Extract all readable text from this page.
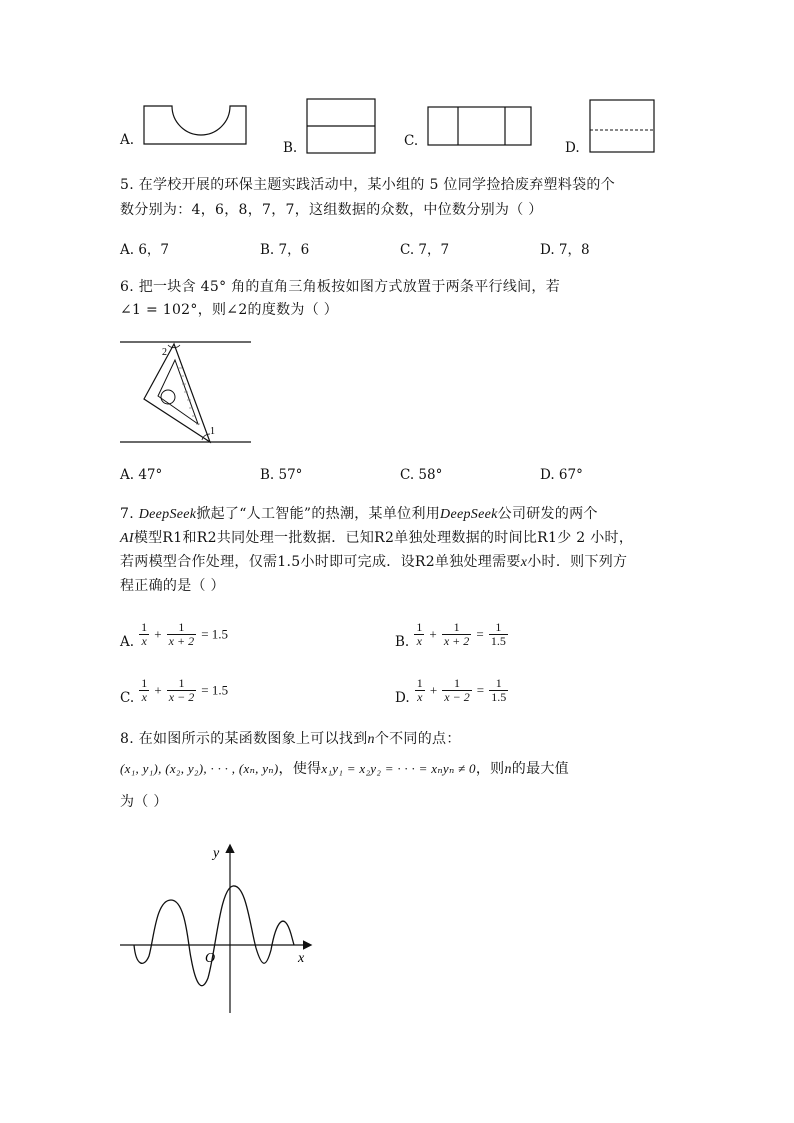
A.	B.	C.	D.
5. 在学校开展的环保主题实践活动中，某小组的 5 位同学捡拾废弃塑料袋的个
数分别为：4，6，8，7，7，这组数据的众数，中位数分别为（ ）
A. 6，7	B. 7，6	C. 7，7	D. 7，8
6. 把一块含 45° 角的直角三角板按如图方式放置于两条平行线间，若
∠1 = 102°，则∠2的度数为（ ）
2
1
A. 47°	B. 57°	C. 58°	D. 67°
7. DeepSeek掀起了“人工智能”的热潮，某单位利用DeepSeek公司研发的两个
AI模型R1和R2共同处理一批数据．已知R2单独处理数据的时间比R1少 2 小时，
若两模型合作处理，仅需1.5小时即可完成．设R2单独处理需要x小时．则下列方
程正确的是（ ）
A. $\frac{1}{x} + \frac{1}{x + 2} = 1.5$	B. $\frac{1}{x} + \frac{1}{x + 2} = \frac{1}{1.5}$
C. $\frac{1}{x} + \frac{1}{x - 2} = 1.5$	D. $\frac{1}{x} + \frac{1}{x - 2} = \frac{1}{1.5}$
8. 在如图所示的某函数图象上可以找到n个不同的点：
(x₁, y₁), (x₂, y₂), · · · , (xₙ, yₙ)，使得x₁y₁ = x₂y₂ = · · · = xₙyₙ ≠ 0，则n的最大值
为（ ）
y
x
O
